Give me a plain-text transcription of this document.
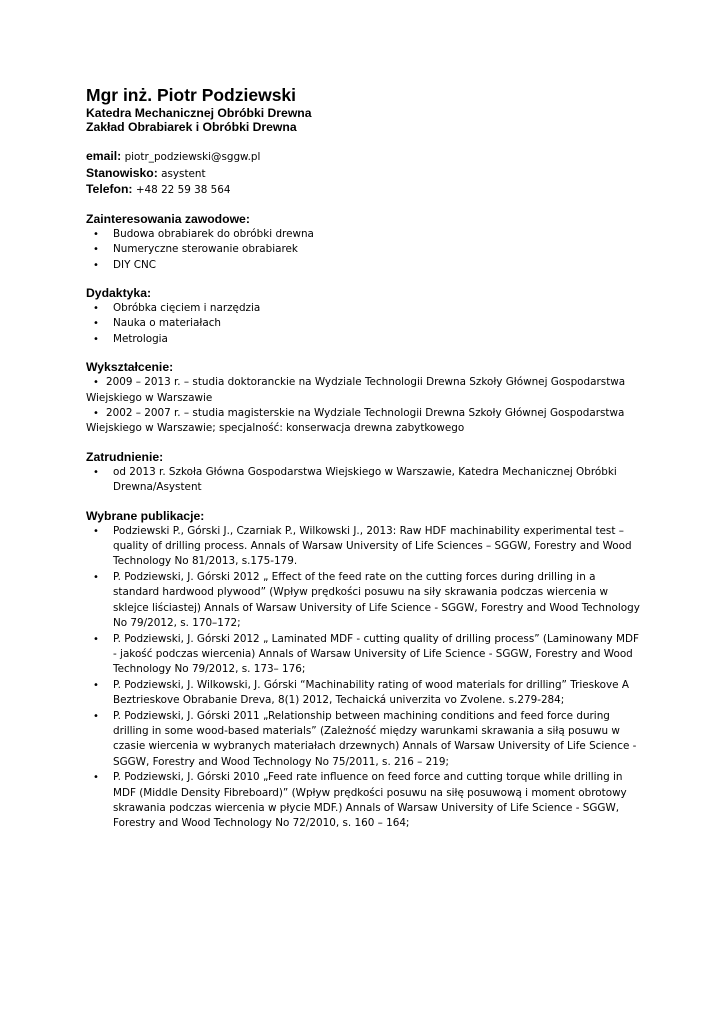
Mgr inż. Piotr Podziewski
Katedra Mechanicznej Obróbki Drewna
Zakład Obrabiarek i Obróbki Drewna
email: piotr_podziewski@sggw.pl
Stanowisko: asystent
Telefon: +48 22 59 38 564
Zainteresowania zawodowe:
• Budowa obrabiarek do obróbki drewna
• Numeryczne sterowanie obrabiarek
• DIY CNC
Dydaktyka:
• Obróbka cięciem i narzędzia
• Nauka o materiałach
• Metrologia
Wykształcenie:
• 2009 – 2013 r. – studia doktoranckie na Wydziale Technologii Drewna Szkoły Głównej Gospodarstwa Wiejskiego w Warszawie
• 2002 – 2007 r. – studia magisterskie na Wydziale Technologii Drewna Szkoły Głównej Gospodarstwa Wiejskiego w Warszawie; specjalność: konserwacja drewna zabytkowego
Zatrudnienie:
• od 2013 r. Szkoła Główna Gospodarstwa Wiejskiego w Warszawie, Katedra Mechanicznej Obróbki Drewna/Asystent
Wybrane publikacje:
• Podziewski P., Górski J., Czarniak P., Wilkowski J., 2013: Raw HDF machinability experimental test – quality of drilling process. Annals of Warsaw University of Life Sciences – SGGW, Forestry and Wood Technology No 81/2013, s.175-179.
• P. Podziewski, J. Górski 2012 „ Effect of the feed rate on the cutting forces during drilling in a standard hardwood plywood” (Wpływ prędkości posuwu na siły skrawania podczas wiercenia w sklejce liściastej) Annals of Warsaw University of Life Science - SGGW, Forestry and Wood Technology No 79/2012, s. 170–172;
• P. Podziewski, J. Górski 2012 „ Laminated MDF - cutting quality of drilling process” (Laminowany MDF - jakość podczas wiercenia) Annals of Warsaw University of Life Science - SGGW, Forestry and Wood Technology No 79/2012, s. 173– 176;
• P. Podziewski, J. Wilkowski, J. Górski “Machinability rating of wood materials for drilling” Trieskove A Beztrieskove Obrabanie Dreva, 8(1) 2012, Techaická univerzita vo Zvolene. s.279-284;
• P. Podziewski, J. Górski 2011 „Relationship between machining conditions and feed force during drilling in some wood-based materials” (Zależność między warunkami skrawania a siłą posuwu w czasie wiercenia w wybranych materiałach drzewnych) Annals of Warsaw University of Life Science - SGGW, Forestry and Wood Technology No 75/2011, s. 216 – 219;
• P. Podziewski, J. Górski 2010 „Feed rate influence on feed force and cutting torque while drilling in MDF (Middle Density Fibreboard)” (Wpływ prędkości posuwu na siłę posuwową i moment obrotowy skrawania podczas wiercenia w płycie MDF.) Annals of Warsaw University of Life Science - SGGW, Forestry and Wood Technology No 72/2010, s. 160 – 164;
